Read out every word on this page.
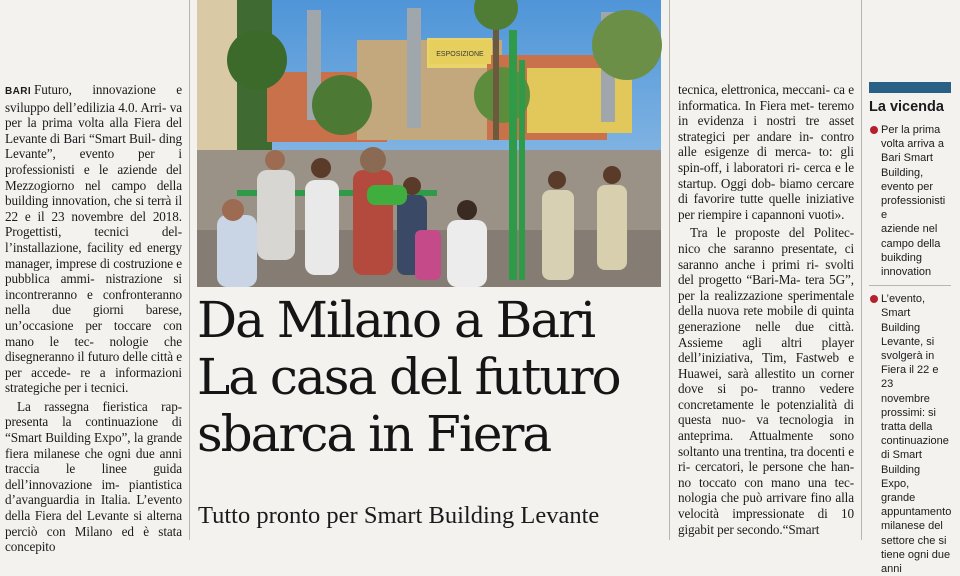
BARI Futuro, innovazione e sviluppo dell’edilizia 4.0. Arri- va per la prima volta alla Fiera del Levante di Bari “Smart Buil- ding Levante”, evento per i professionisti e le aziende del Mezzogiorno nel campo della building innovation, che si terrà il 22 e il 23 novembre del 2018. Progettisti, tecnici del- l’installazione, facility ed energy manager, imprese di costruzione e pubblica ammi- nistrazione si incontreranno e confronteranno nella due giorni barese, un’occasione per toccare con mano le tec- nologie che disegneranno il futuro delle città e per accede- re a informazioni strategiche per i tecnici.

La rassegna fieristica rap- presenta la continuazione di “Smart Building Expo”, la grande fiera milanese che ogni due anni traccia le linee guida dell’innovazione im- piantistica d’avanguardia in Italia. L’evento della Fiera del Levante si alterna perciò con Milano ed è stata concepito

ESPOSIZIONE
Da Milano a Bari
La casa del futuro
sbarca in Fiera
Tutto pronto per Smart Building Levante

tecnica, elettronica, meccani- ca e informatica. In Fiera met- teremo in evidenza i nostri tre asset strategici per andare in- contro alle esigenze di merca- to: gli spin-off, i laboratori ri- cerca e le startup. Oggi dob- biamo cercare di favorire tutte quelle iniziative per riempire i capannoni vuoti».

Tra le proposte del Politec- nico che saranno presentate, ci saranno anche i primi ri- svolti del progetto “Bari-Ma- tera 5G”, per la realizzazione sperimentale della nuova rete mobile di quinta generazione nelle due città. Assieme agli altri player dell’iniziativa, Tim, Fastweb e Huawei, sarà allestito un corner dove si po- tranno vedere concretamente le potenzialità di questa nuo- va tecnologia in anteprima. Attualmente sono soltanto una trentina, tra docenti e ri- cercatori, le persone che han- no toccato con mano una tec- nologia che può arrivare fino alla velocità impressionate di 10 gigabit per secondo.“Smart

La vicenda
Per la prima
volta arriva a
Bari Smart
Building,
evento per
professionisti e
aziende nel
campo della
buikding
innovation

L’evento,
Smart Building
Levante, si
svolgerà in
Fiera il 22 e 23
novembre
prossimi: si
tratta della
continuazione
di Smart
Building Expo,
grande
appuntamento
milanese del
settore che si
tiene ogni due
anni
